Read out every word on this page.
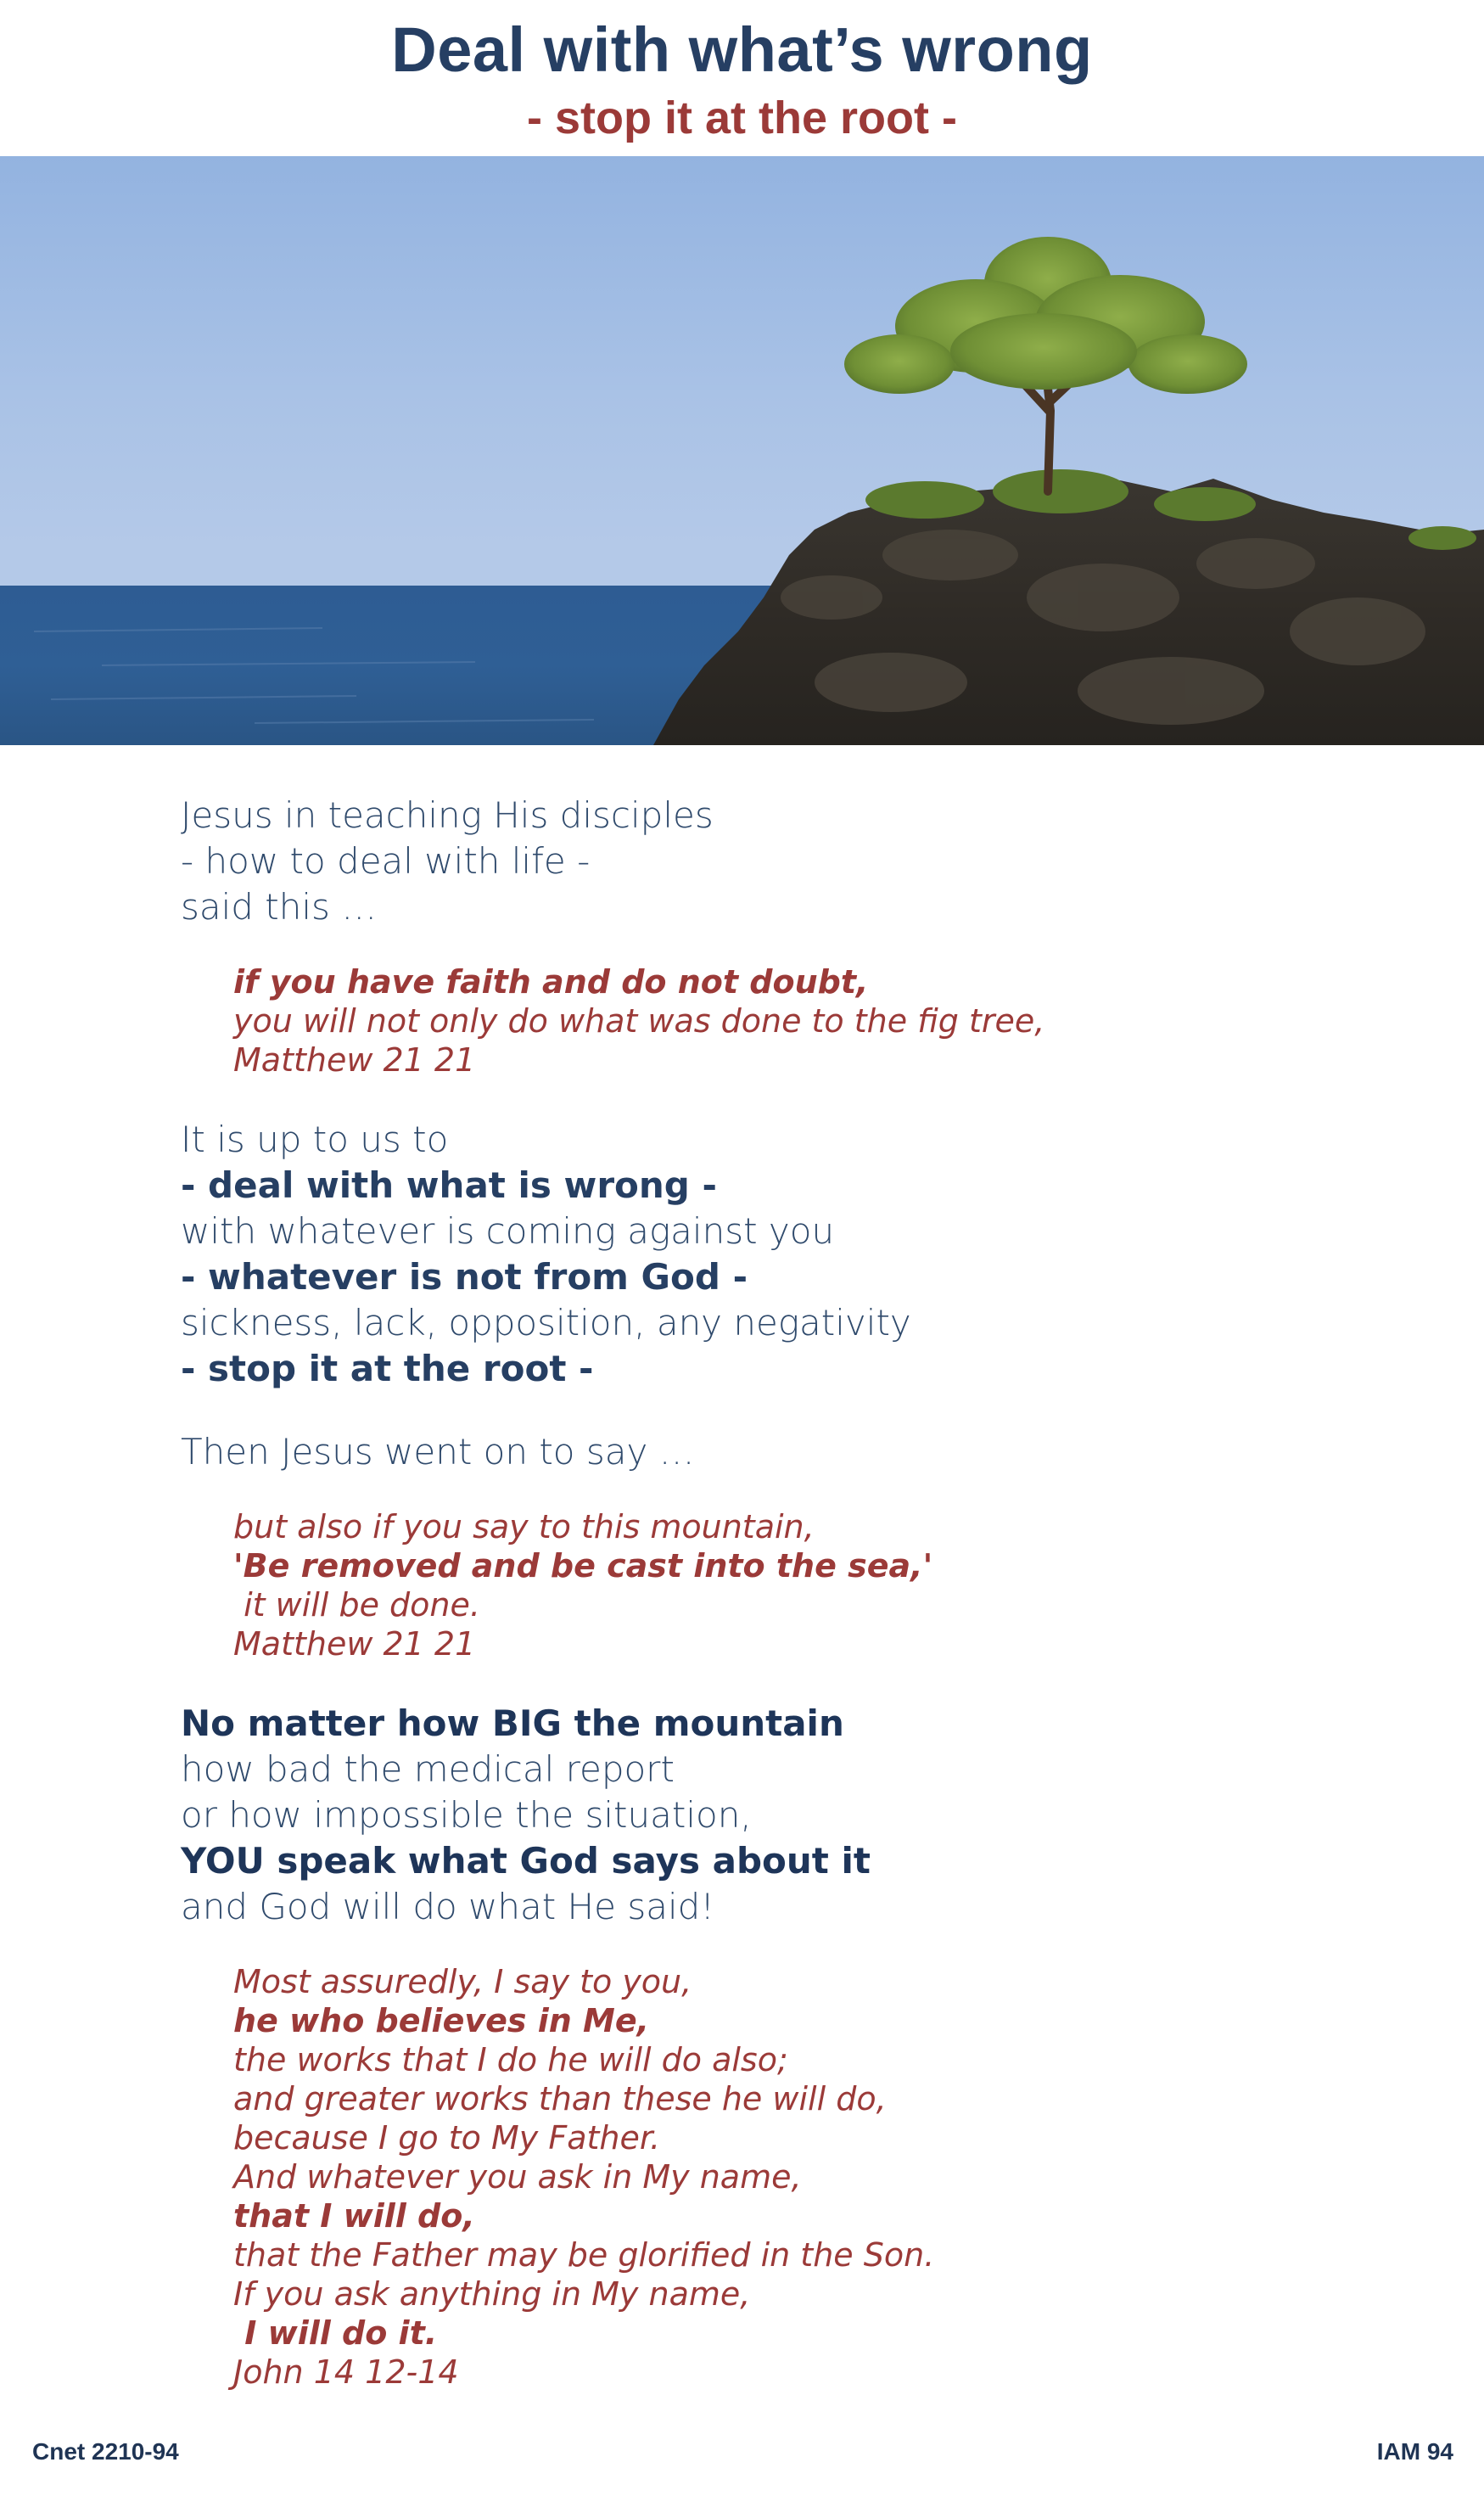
Deal with what’s wrong
- stop it at the root -
Jesus in teaching His disciples
- how to deal with life -
said this …
if you have faith and do not doubt,
you will not only do what was done to the fig tree,
Matthew 21 21
It is up to us to
- deal with what is wrong -
with whatever is coming against you
- whatever is not from God -
sickness, lack, opposition, any negativity
- stop it at the root -
Then Jesus went on to say …
but also if you say to this mountain,
'Be removed and be cast into the sea,'
it will be done.
Matthew 21 21
No matter how BIG the mountain
how bad the medical report
or how impossible the situation,
YOU speak what God says about it
and God will do what He said!
Most assuredly, I say to you,
he who believes in Me,
the works that I do he will do also;
and greater works than these he will do,
because I go to My Father.
And whatever you ask in My name,
that I will do,
that the Father may be glorified in the Son.
If you ask anything in My name,
I will do it.
John 14 12-14
Cnet 2210-94	IAM 94
